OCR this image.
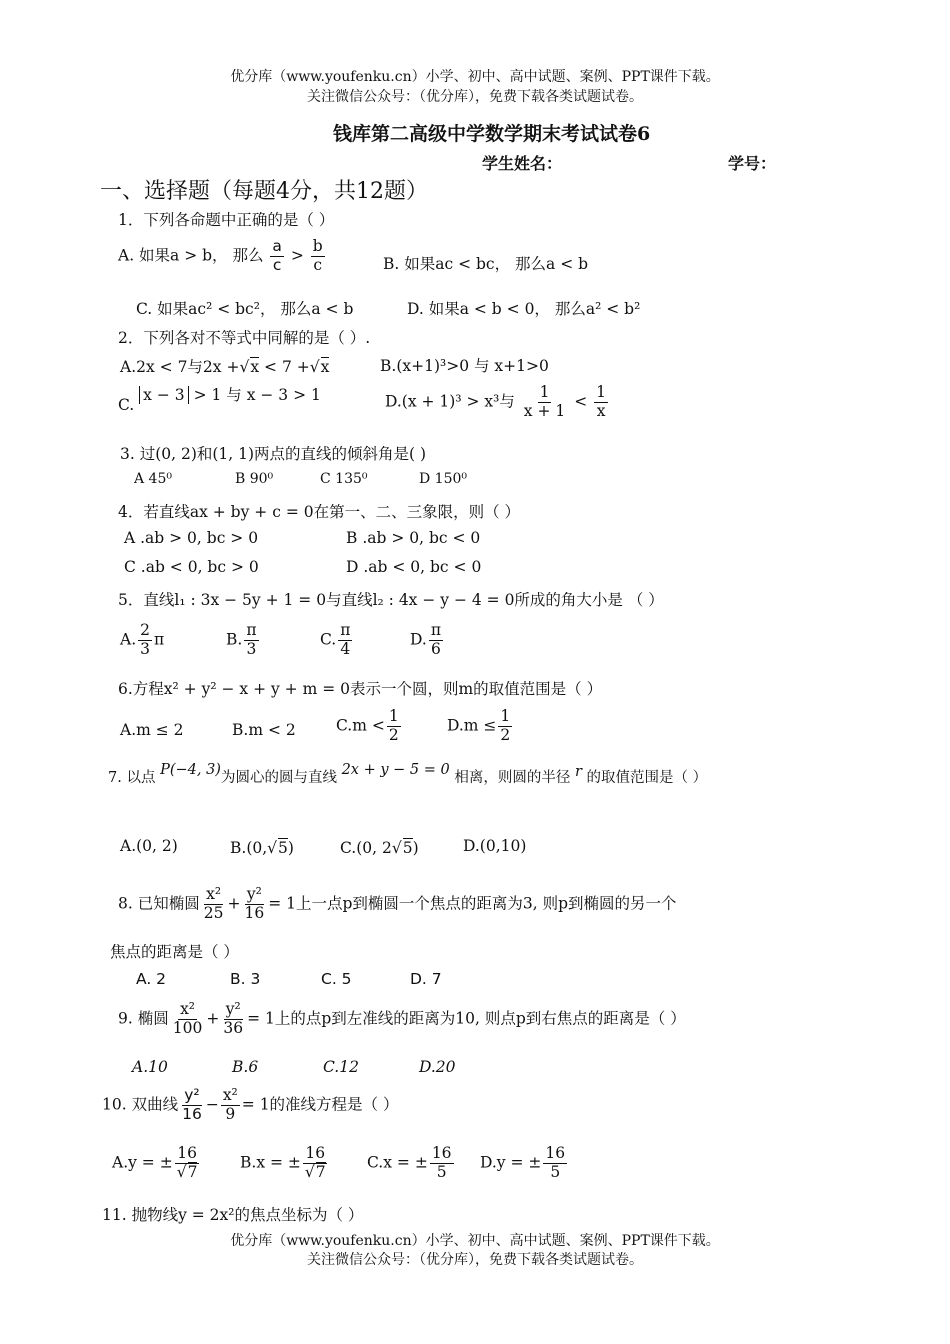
优分库（www.youfenku.cn）小学、初中、高中试题、案例、PPT课件下载。
关注微信公众号：（优分库），免费下载各类试题试卷。
钱库第二高级中学数学期末考试试卷6
学生姓名：	学号：
一、选择题（每题4分，共12题）
1．下列各命题中正确的是（ ）
A. 如果a > b， 那么 $\frac{a}{c} > \frac{b}{c}$	B. 如果ac < bc， 那么a < b
C. 如果ac² < bc²， 那么a < b	D. 如果a < b < 0， 那么a² < b²
2．下列各对不等式中同解的是（ ）.
A.2x < 7与2x +√x < 7 +√x	B.(x+1)³>0 与 x+1>0
C. x − 3 > 1 与 x − 3 > 1	D.(x + 1)³ > x³与 $\frac{1}{x + 1} < \frac{1}{x}$
3. 过(0, 2)和(1, 1)两点的直线的倾斜角是( )
A 45⁰	B 90⁰	C 135⁰	D 150⁰
4．若直线ax + by + c = 0在第一、二、三象限，则（ ）
A .ab > 0, bc > 0	B .ab > 0, bc < 0
C .ab < 0, bc > 0	D .ab < 0, bc < 0
5．直线l₁ : 3x − 5y + 1 = 0与直线l₂ : 4x − y − 4 = 0所成的角大小是 （ ）
A. $\frac{2}{3}$ π	B. $\frac{\pi}{3}$	C. $\frac{\pi}{4}$	D. $\frac{\pi}{6}$
6.方程x² + y² − x + y + m = 0表示一个圆，则m的取值范围是（ ）
A.m ≤ 2	B.m < 2	$C.m < \frac{1}{2}$	$D.m \le \frac{1}{2}$
7. 以点 P(−4, 3)为圆心的圆与直线 2x + y − 5 = 0 相离，则圆的半径 r 的取值范围是（ ）
A.(0, 2)	B.(0,√5)	C.(0, 2√5)	D.(0,10)
8. 已知椭圆 $\frac{\text{x²}}{25} + \frac{\text{y²}}{16} = 1$上一点p到椭圆一个焦点的距离为3, 则p到椭圆的另一个
焦点的距离是（ ）
A. 2	B. 3	C. 5	D. 7
9. 椭圆 $\frac{\text{x²}}{100} + \frac{\text{y²}}{36} = 1$上的点p到左准线的距离为10, 则点p到右焦点的距离是（ ）
A.10	B.6	C.12	D.20
10. 双曲线 $\frac{\text{y²}}{16} - \frac{\text{x²}}{9} = 1$的准线方程是（ ）
A.y = ± $\frac{16}{√7}$	B.x = ± $\frac{16}{√7}$	C.x = ± $\frac{16}{5} D.y$ = ± $\frac{16}{5}$
11. 抛物线y = 2x²的焦点坐标为（ ）
优分库（www.youfenku.cn）小学、初中、高中试题、案例、PPT课件下载。
关注微信公众号：（优分库），免费下载各类试题试卷。
